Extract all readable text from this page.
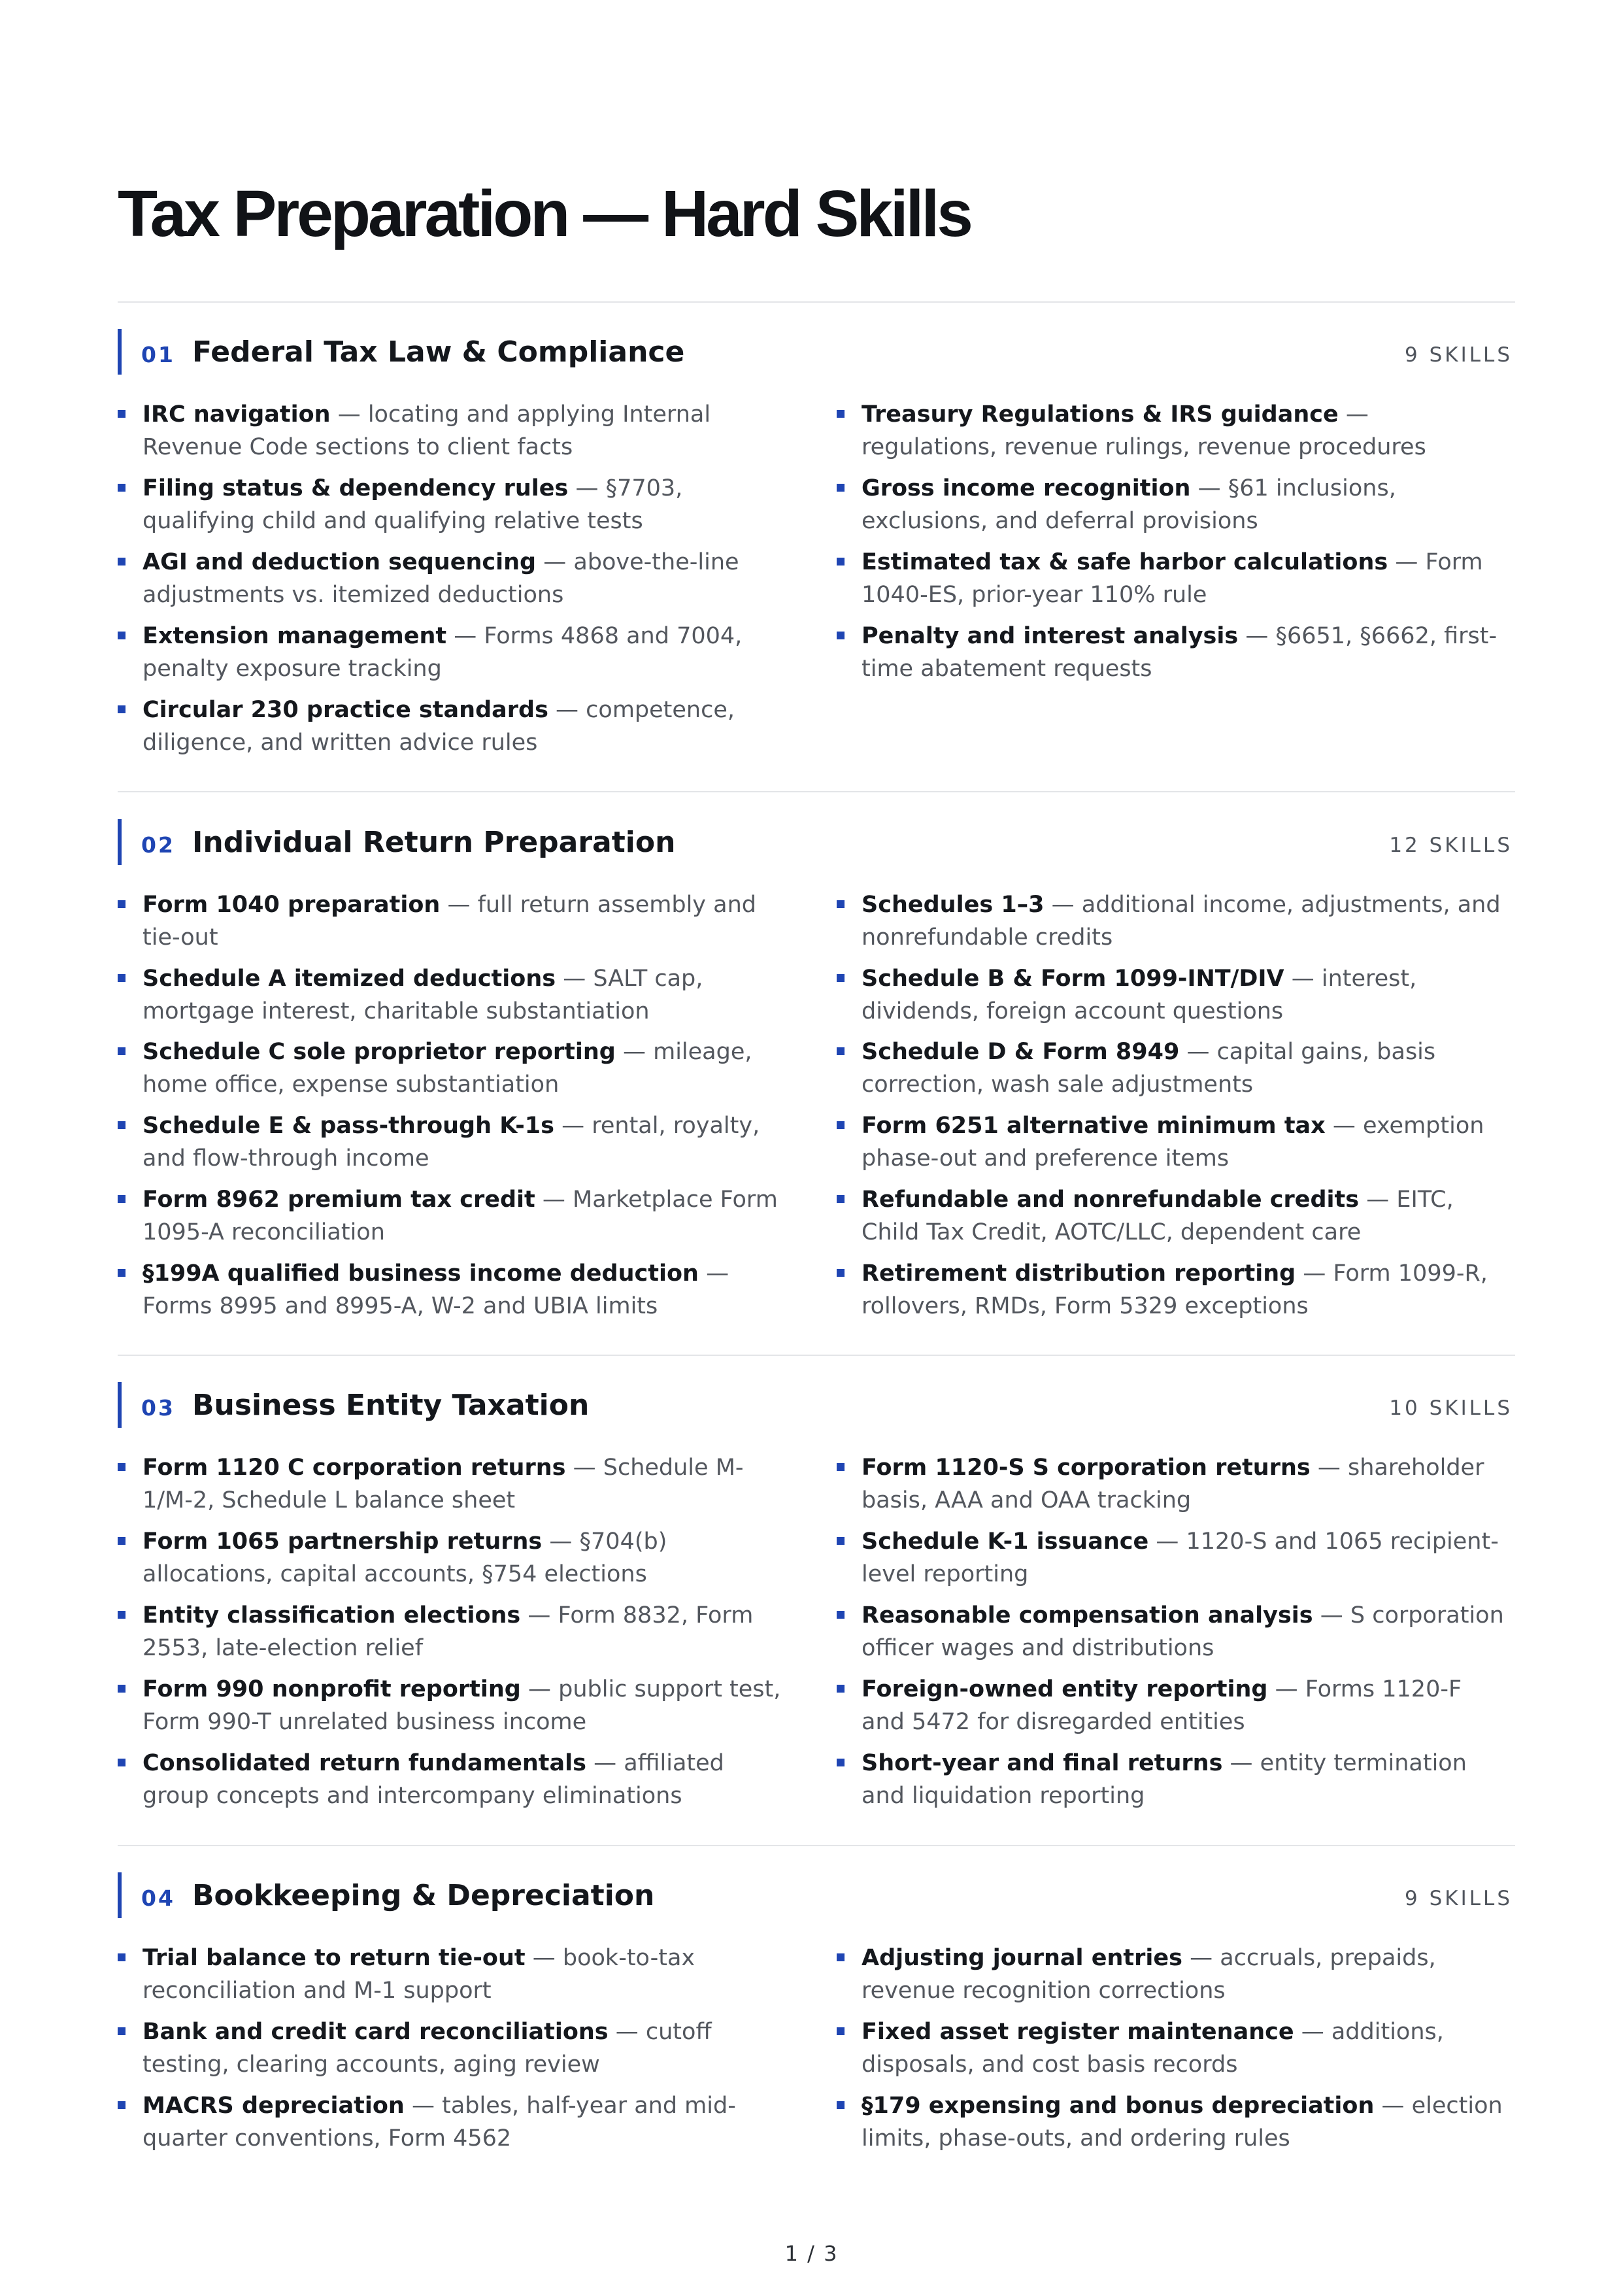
Tax Preparation — Hard Skills
01 Federal Tax Law & Compliance	9 SKILLS
IRC navigation — locating and applying Internal Revenue Code sections to client facts
Treasury Regulations & IRS guidance — regulations, revenue rulings, revenue procedures
Filing status & dependency rules — §7703, qualifying child and qualifying relative tests
Gross income recognition — §61 inclusions, exclusions, and deferral provisions
AGI and deduction sequencing — above-the-line adjustments vs. itemized deductions
Estimated tax & safe harbor calculations — Form 1040-ES, prior-year 110% rule
Extension management — Forms 4868 and 7004, penalty exposure tracking
Penalty and interest analysis — §6651, §6662, first-time abatement requests
Circular 230 practice standards — competence, diligence, and written advice rules
02 Individual Return Preparation	12 SKILLS
Form 1040 preparation — full return assembly and tie-out
Schedules 1–3 — additional income, adjustments, and nonrefundable credits
Schedule A itemized deductions — SALT cap, mortgage interest, charitable substantiation
Schedule B & Form 1099-INT/DIV — interest, dividends, foreign account questions
Schedule C sole proprietor reporting — mileage, home office, expense substantiation
Schedule D & Form 8949 — capital gains, basis correction, wash sale adjustments
Schedule E & pass-through K-1s — rental, royalty, and flow-through income
Form 6251 alternative minimum tax — exemption phase-out and preference items
Form 8962 premium tax credit — Marketplace Form 1095-A reconciliation
Refundable and nonrefundable credits — EITC, Child Tax Credit, AOTC/LLC, dependent care
§199A qualified business income deduction — Forms 8995 and 8995-A, W-2 and UBIA limits
Retirement distribution reporting — Form 1099-R, rollovers, RMDs, Form 5329 exceptions
03 Business Entity Taxation	10 SKILLS
Form 1120 C corporation returns — Schedule M-1/M-2, Schedule L balance sheet
Form 1120-S S corporation returns — shareholder basis, AAA and OAA tracking
Form 1065 partnership returns — §704(b) allocations, capital accounts, §754 elections
Schedule K-1 issuance — 1120-S and 1065 recipient-level reporting
Entity classification elections — Form 8832, Form 2553, late-election relief
Reasonable compensation analysis — S corporation officer wages and distributions
Form 990 nonprofit reporting — public support test, Form 990-T unrelated business income
Foreign-owned entity reporting — Forms 1120-F and 5472 for disregarded entities
Consolidated return fundamentals — affiliated group concepts and intercompany eliminations
Short-year and final returns — entity termination and liquidation reporting
04 Bookkeeping & Depreciation	9 SKILLS
Trial balance to return tie-out — book-to-tax reconciliation and M-1 support
Adjusting journal entries — accruals, prepaids, revenue recognition corrections
Bank and credit card reconciliations — cutoff testing, clearing accounts, aging review
Fixed asset register maintenance — additions, disposals, and cost basis records
MACRS depreciation — tables, half-year and mid-quarter conventions, Form 4562
§179 expensing and bonus depreciation — election limits, phase-outs, and ordering rules
1 / 3
